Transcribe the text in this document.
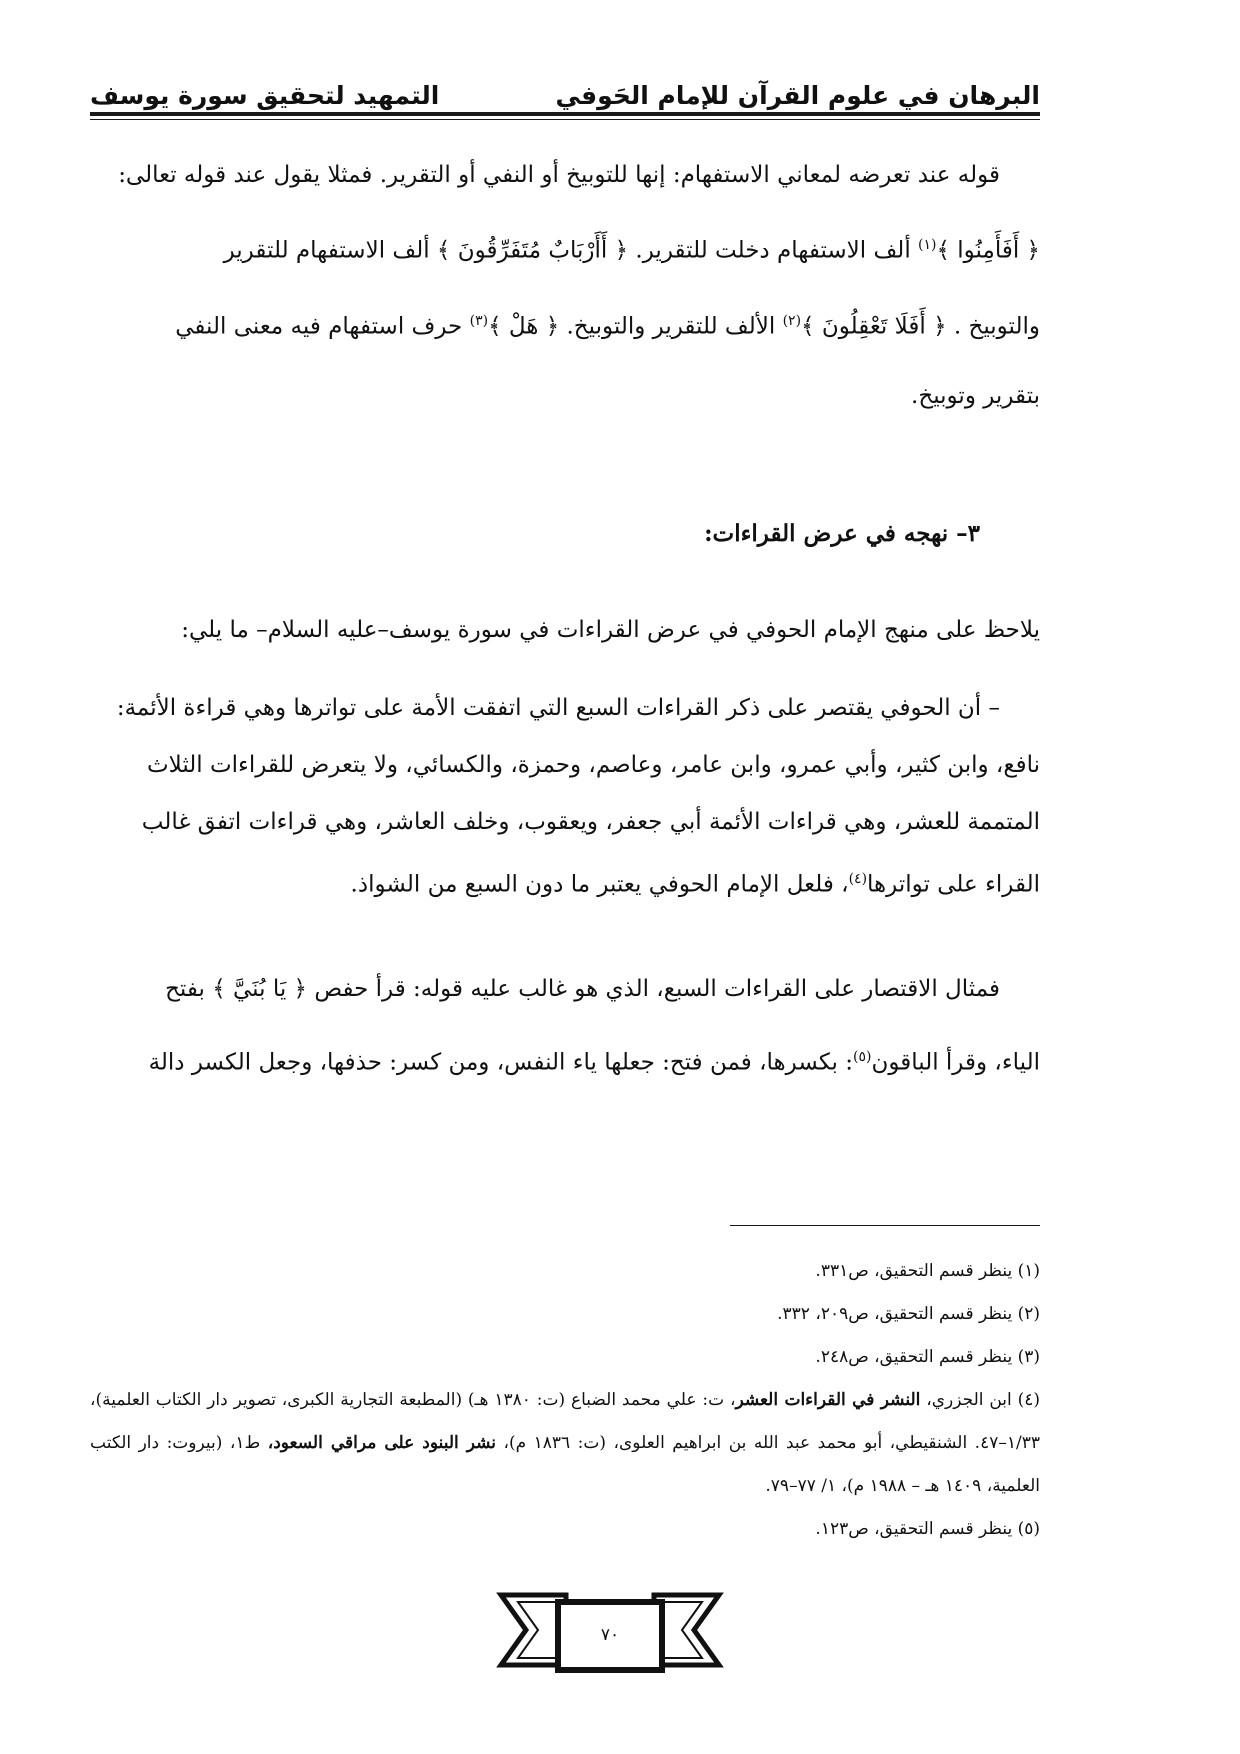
البرهان في علوم القرآن للإمام الحَوفي
التمهيد لتحقيق سورة يوسف

قوله عند تعرضه لمعاني الاستفهام: إنها للتوبيخ أو النفي أو التقرير. فمثلا يقول عند قوله تعالى:

﴿ أَفَأَمِنُوا ﴾$^{(١)}$ ألف الاستفهام دخلت للتقرير. ﴿ أَأَرْبَابٌ مُتَفَرِّقُونَ ﴾ ألف الاستفهام للتقرير

والتوبيخ . ﴿ أَفَلَا تَعْقِلُونَ ﴾$^{(٢)}$ الألف للتقرير والتوبيخ. ﴿ هَلْ ﴾$^{(٣)}$ حرف استفهام فيه معنى النفي

بتقرير وتوبيخ.

٣– نهجه في عرض القراءات:

يلاحظ على منهج الإمام الحوفي في عرض القراءات في سورة يوسف–عليه السلام– ما يلي:

– أن الحوفي يقتصر على ذكر القراءات السبع التي اتفقت الأمة على تواترها وهي قراءة الأئمة:

نافع، وابن كثير، وأبي عمرو، وابن عامر، وعاصم، وحمزة، والكسائي، ولا يتعرض للقراءات الثلاث

المتممة للعشر، وهي قراءات الأئمة أبي جعفر، ويعقوب، وخلف العاشر، وهي قراءات اتفق غالب

القراء على تواترها$^{(٤)}$، فلعل الإمام الحوفي يعتبر ما دون السبع من الشواذ.

فمثال الاقتصار على القراءات السبع، الذي هو غالب عليه قوله: قرأ حفص ﴿ يَا بُنَيَّ ﴾ بفتح

الياء، وقرأ الباقون$^{(٥)}$: بكسرها، فمن فتح: جعلها ياء النفس، ومن كسر: حذفها، وجعل الكسر دالة

(١) ينظر قسم التحقيق، ص٣٣١.

(٢) ينظر قسم التحقيق، ص٢٠٩، ٣٣٢.

(٣) ينظر قسم التحقيق، ص٢٤٨.

(٤) ابن الجزري، النشر في القراءات العشر، ت: علي محمد الضباع (ت: ١٣٨٠ هـ) (المطبعة التجارية الكبرى، تصوير دار الكتاب العلمية)، ١/٣٣–٤٧. الشنقيطي، أبو محمد عبد الله بن ابراهيم العلوى، (ت: ١٨٣٦ م)، نشر البنود على مراقي السعود، ط١، (بيروت: دار الكتب العلمية، ١٤٠٩ هـ – ١٩٨٨ م)، ١/ ٧٧–٧٩.

(٥) ينظر قسم التحقيق، ص١٢٣.

٧٠
